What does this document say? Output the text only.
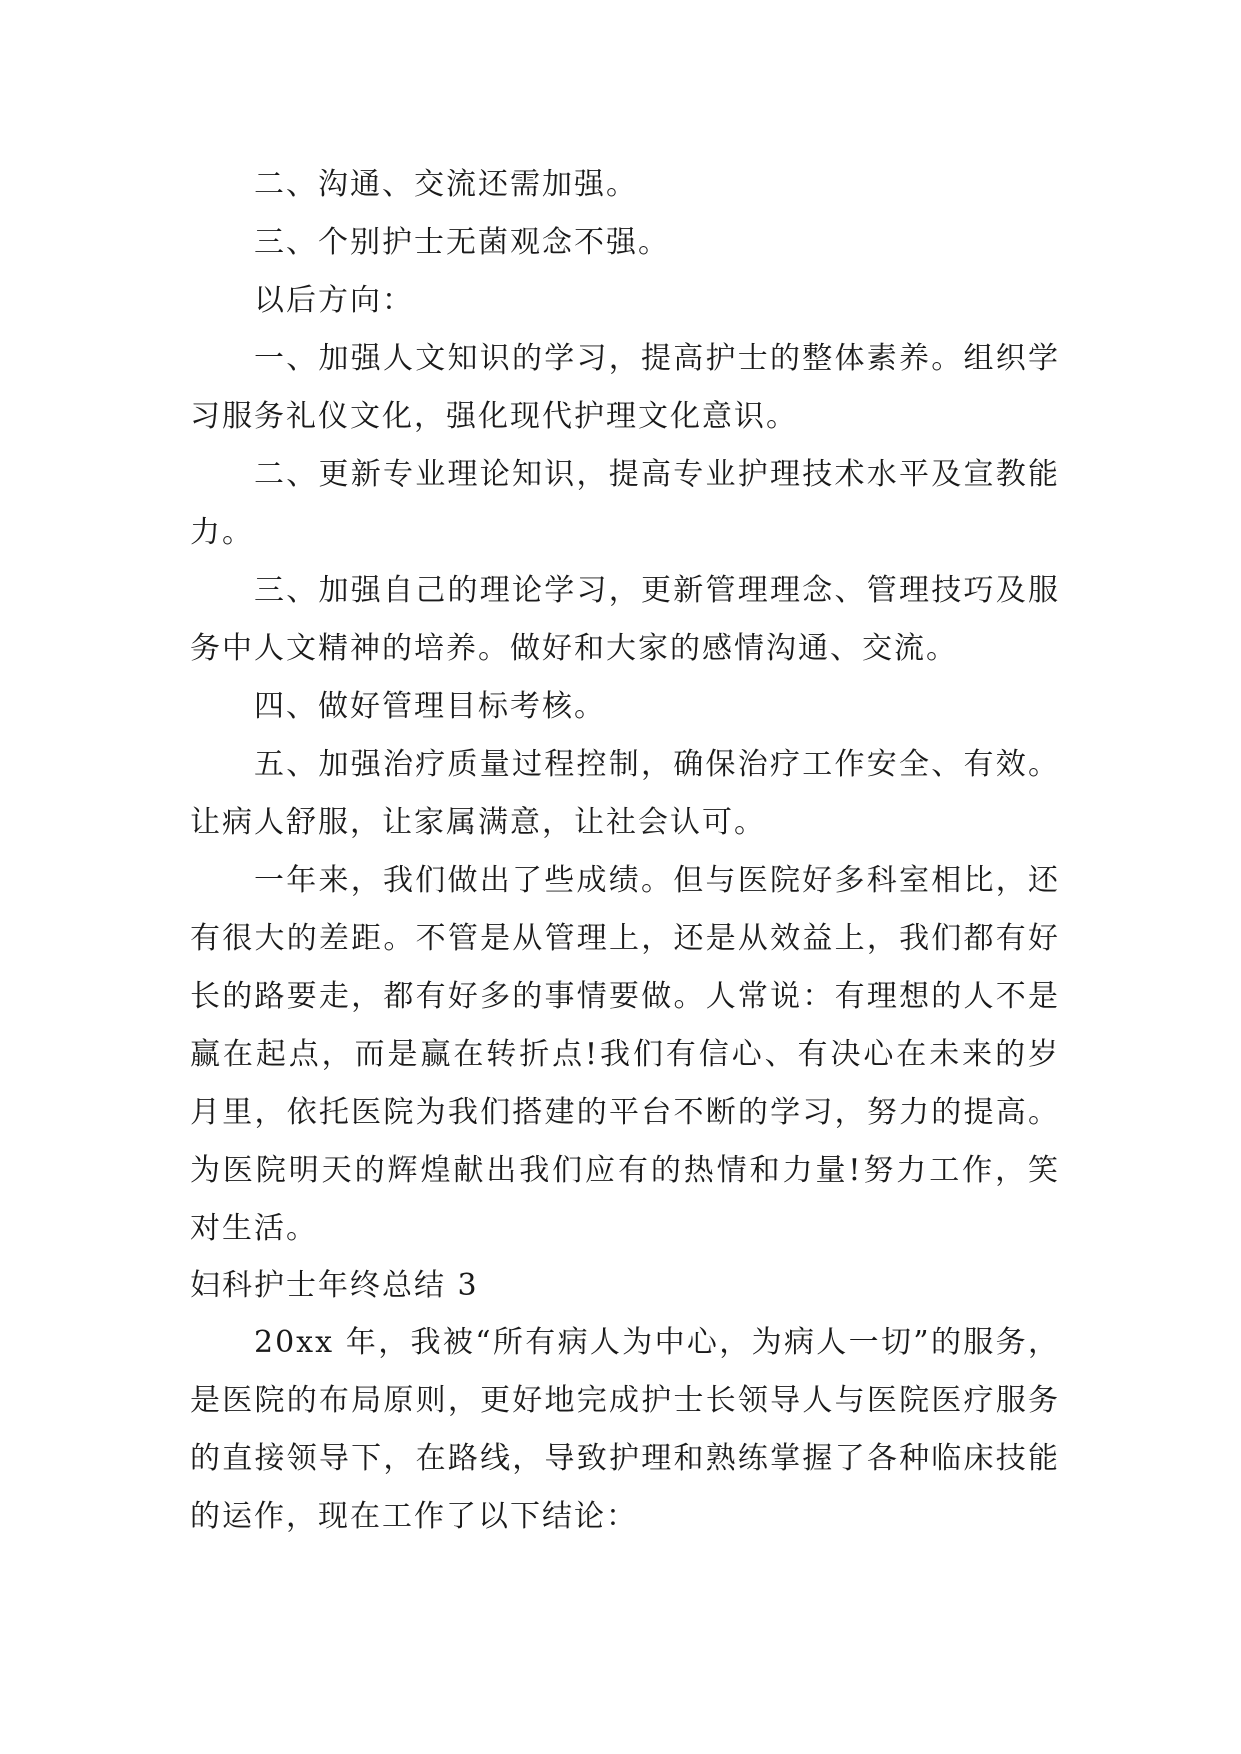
二、沟通、交流还需加强。

三、个别护士无菌观念不强。

以后方向：

一、加强人文知识的学习，提高护士的整体素养。组织学习服务礼仪文化，强化现代护理文化意识。

二、更新专业理论知识，提高专业护理技术水平及宣教能力。

三、加强自己的理论学习，更新管理理念、管理技巧及服务中人文精神的培养。做好和大家的感情沟通、交流。

四、做好管理目标考核。

五、加强治疗质量过程控制，确保治疗工作安全、有效。让病人舒服，让家属满意，让社会认可。

一年来，我们做出了些成绩。但与医院好多科室相比，还有很大的差距。不管是从管理上，还是从效益上，我们都有好长的路要走，都有好多的事情要做。人常说：有理想的人不是赢在起点，而是赢在转折点!我们有信心、有决心在未来的岁月里，依托医院为我们搭建的平台不断的学习，努力的提高。为医院明天的辉煌献出我们应有的热情和力量!努力工作，笑对生活。

妇科护士年终总结 3

20xx 年，我被“所有病人为中心，为病人一切”的服务，是医院的布局原则，更好地完成护士长领导人与医院医疗服务的直接领导下，在路线，导致护理和熟练掌握了各种临床技能的运作，现在工作了以下结论：
